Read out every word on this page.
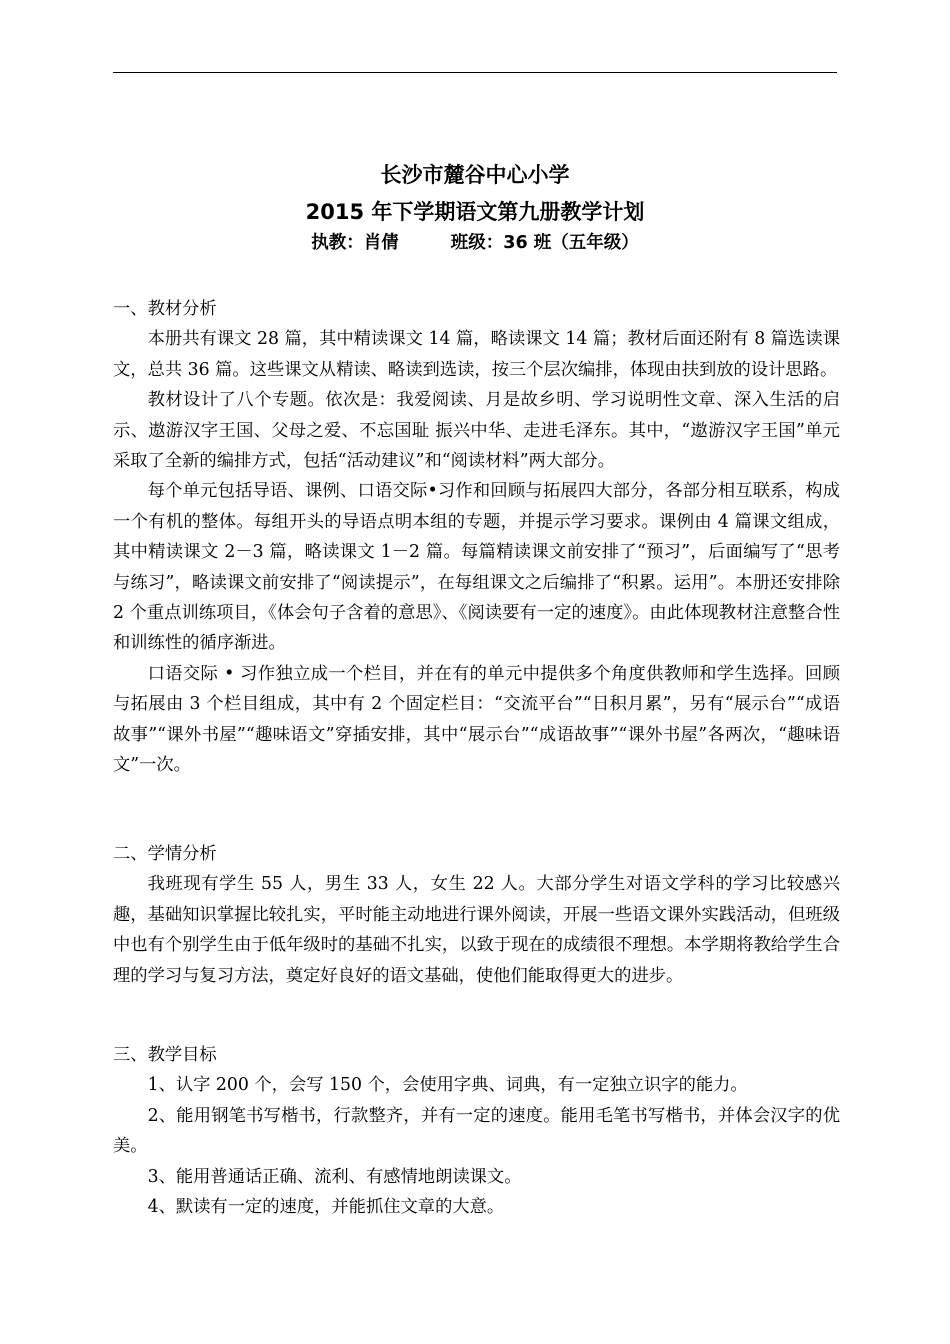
长沙市麓谷中心小学
2015 年下学期语文第九册教学计划
执教：肖倩	班级：36 班（五年级）

一、教材分析

本册共有课文 28 篇，其中精读课文 14 篇，略读课文 14 篇；教材后面还附有 8 篇选读课文，总共 36 篇。这些课文从精读、略读到选读，按三个层次编排，体现由扶到放的设计思路。

教材设计了八个专题。依次是：我爱阅读、月是故乡明、学习说明性文章、深入生活的启示、遨游汉字王国、父母之爱、不忘国耻 振兴中华、走进毛泽东。其中，“遨游汉字王国”单元采取了全新的编排方式，包括“活动建议”和“阅读材料”两大部分。

每个单元包括导语、课例、口语交际•习作和回顾与拓展四大部分，各部分相互联系，构成一个有机的整体。每组开头的导语点明本组的专题，并提示学习要求。课例由 4 篇课文组成，其中精读课文 2－3 篇，略读课文 1－2 篇。每篇精读课文前安排了“预习”，后面编写了“思考与练习”，略读课文前安排了“阅读提示”，在每组课文之后编排了“积累。运用”。本册还安排除 2 个重点训练项目，《体会句子含着的意思》、《阅读要有一定的速度》。由此体现教材注意整合性和训练性的循序渐进。

口语交际 • 习作独立成一个栏目，并在有的单元中提供多个角度供教师和学生选择。回顾与拓展由 3 个栏目组成，其中有 2 个固定栏目：“交流平台”“日积月累”，另有“展示台”“成语故事”“课外书屋”“趣味语文”穿插安排，其中“展示台”“成语故事”“课外书屋”各两次，“趣味语文”一次。

二、学情分析

我班现有学生 55 人，男生 33 人，女生 22 人。大部分学生对语文学科的学习比较感兴趣，基础知识掌握比较扎实，平时能主动地进行课外阅读，开展一些语文课外实践活动，但班级中也有个别学生由于低年级时的基础不扎实，以致于现在的成绩很不理想。本学期将教给学生合理的学习与复习方法，奠定好良好的语文基础，使他们能取得更大的进步。

三、教学目标

1、认字 200 个，会写 150 个，会使用字典、词典，有一定独立识字的能力。

2、能用钢笔书写楷书，行款整齐，并有一定的速度。能用毛笔书写楷书，并体会汉字的优美。

3、能用普通话正确、流利、有感情地朗读课文。

4、默读有一定的速度，并能抓住文章的大意。
